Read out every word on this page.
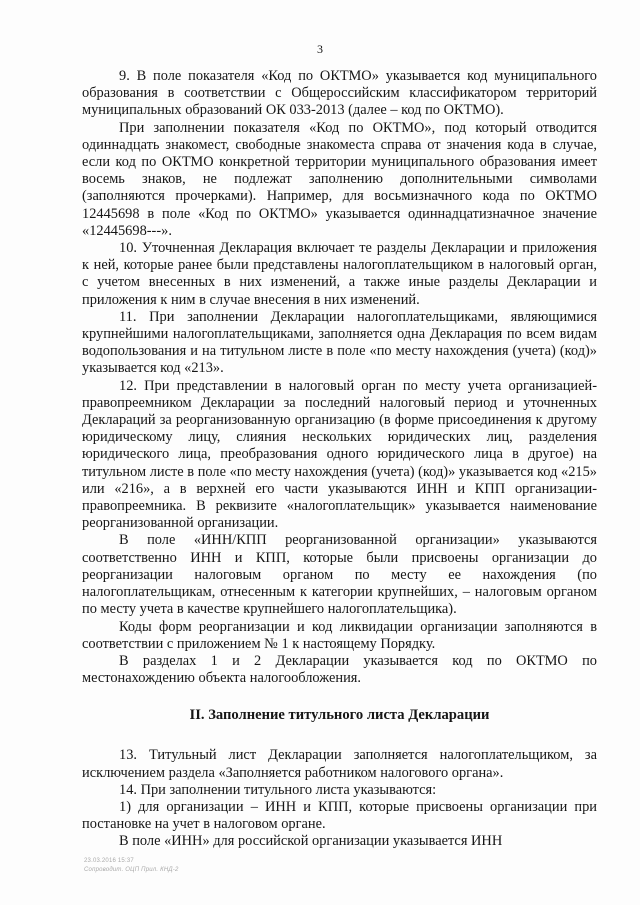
3

9. В поле показателя «Код по ОКТМО» указывается код муниципального образования в соответствии с Общероссийским классификатором территорий муниципальных образований ОК 033-2013 (далее – код по ОКТМО).

При заполнении показателя «Код по ОКТМО», под который отводится одиннадцать знакомест, свободные знакоместа справа от значения кода в случае, если код по ОКТМО конкретной территории муниципального образования имеет восемь знаков, не подлежат заполнению дополнительными символами (заполняются прочерками). Например, для восьмизначного кода по ОКТМО 12445698 в поле «Код по ОКТМО» указывается одиннадцатизначное значение «12445698---».

10. Уточненная Декларация включает те разделы Декларации и приложения к ней, которые ранее были представлены налогоплательщиком в налоговый орган, с учетом внесенных в них изменений, а также иные разделы Декларации и приложения к ним в случае внесения в них изменений.

11. При заполнении Декларации налогоплательщиками, являющимися крупнейшими налогоплательщиками, заполняется одна Декларация по всем видам водопользования и на титульном листе в поле «по месту нахождения (учета) (код)» указывается код «213».

12. При представлении в налоговый орган по месту учета организацией-правопреемником Декларации за последний налоговый период и уточненных Деклараций за реорганизованную организацию (в форме присоединения к другому юридическому лицу, слияния нескольких юридических лиц, разделения юридического лица, преобразования одного юридического лица в другое) на титульном листе в поле «по месту нахождения (учета) (код)» указывается код «215» или «216», а в верхней его части указываются ИНН и КПП организации-правопреемника. В реквизите «налогоплательщик» указывается наименование реорганизованной организации.

В поле «ИНН/КПП реорганизованной организации» указываются соответственно ИНН и КПП, которые были присвоены организации до реорганизации налоговым органом по месту ее нахождения (по налогоплательщикам, отнесенным к категории крупнейших, – налоговым органом по месту учета в качестве крупнейшего налогоплательщика).

Коды форм реорганизации и код ликвидации организации заполняются в соответствии с приложением № 1 к настоящему Порядку.

В разделах 1 и 2 Декларации указывается код по ОКТМО по местонахождению объекта налогообложения.

II. Заполнение титульного листа Декларации

13. Титульный лист Декларации заполняется налогоплательщиком, за исключением раздела «Заполняется работником налогового органа».

14. При заполнении титульного листа указываются:

1) для организации – ИНН и КПП, которые присвоены организации при постановке на учет в налоговом органе.

В поле «ИНН» для российской организации указывается ИНН

23.03.2016 15:37
Сопроводит. ОЦП Прил. КНД-2
